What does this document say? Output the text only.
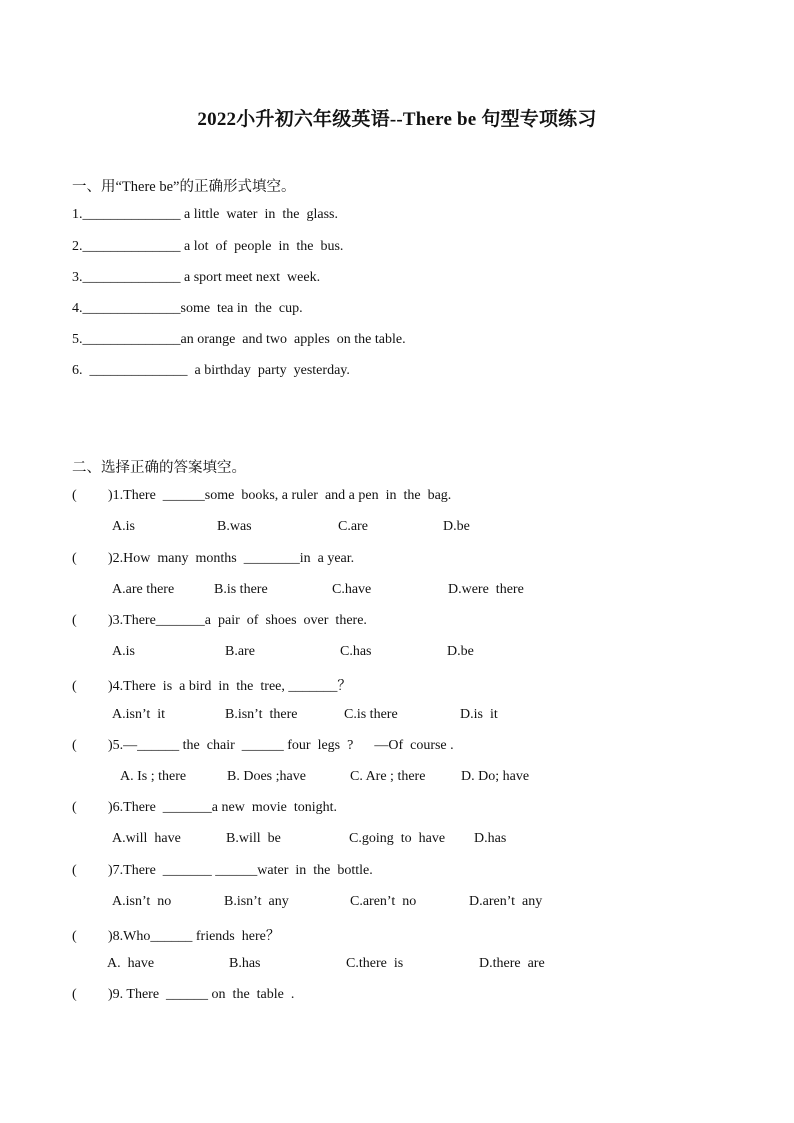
2022小升初六年级英语--There be 句型专项练习
一、用“There be”的正确形式填空。
1.______________ a little  water  in  the  glass.
2.______________ a lot  of  people  in  the  bus.
3.______________ a sport meet next  week.
4.______________some  tea in  the  cup.
5.______________an orange  and two  apples  on the table.
6.  ______________  a birthday  party  yesterday.
二、选择正确的答案填空。
( )1.There  ______some  books, a ruler  and a pen  in  the  bag.
A.is	B.was	C.are	D.be
( )2.How  many  months  ________in  a year.
A.are there	B.is there	C.have	D.were  there
( )3.There_______a  pair  of  shoes  over  there.
A.is	B.are	C.has	D.be
( )4.There  is  a bird  in  the  tree, _______？
A.isn’t  it	B.isn’t  there	C.is there	D.is  it
( )5.—______ the  chair  ______ four  legs  ?      —Of  course .
A. Is ; there	B. Does ;have	C. Are ; there	D. Do; have
( )6.There  _______a new  movie  tonight.
A.will  have	B.will  be	C.going  to  have D.has
( )7.There  _______ ______water  in  the  bottle.
A.isn’t  no	B.isn’t  any	C.aren’t  no	D.aren’t  any
( )8.Who______ friends  here？
A.  have	B.has	C.there  is	D.there  are
( )9. There  ______ on  the  table  .
